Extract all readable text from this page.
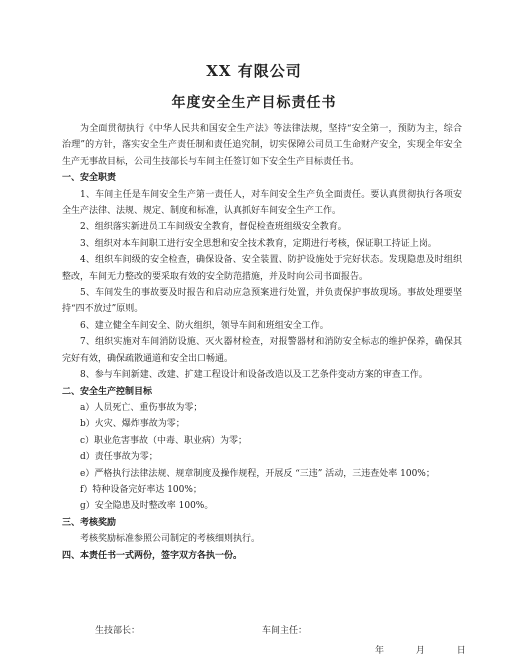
XX 有限公司
年度安全生产目标责任书

为全面贯彻执行《中华人民共和国安全生产法》等法律法规，坚持“安全第一，预防为主，综合治理”的方针，落实安全生产责任制和责任追究制，切实保障公司员工生命财产安全，实现全年安全生产无事故目标，公司生技部长与车间主任签订如下安全生产目标责任书。

一、安全职责

1、车间主任是车间安全生产第一责任人，对车间安全生产负全面责任。要认真贯彻执行各项安全生产法律、法规、规定、制度和标准，认真抓好车间安全生产工作。

2、组织落实新进员工车间级安全教育，督促检查班组级安全教育。

3、组织对本车间职工进行安全思想和安全技术教育，定期进行考核，保证职工持证上岗。

4、组织车间级的安全检查，确保设备、安全装置、防护设施处于完好状态。发现隐患及时组织整改，车间无力整改的要采取有效的安全防范措施，并及时向公司书面报告。

5、车间发生的事故要及时报告和启动应急预案进行处置，并负责保护事故现场。事故处理要坚持“四不放过”原则。

6、建立健全车间安全、防火组织，领导车间和班组安全工作。

7、组织实施对车间消防设施、灭火器材检查，对报警器材和消防安全标志的维护保养，确保其完好有效，确保疏散通道和安全出口畅通。

8、参与车间新建、改建、扩建工程设计和设备改造以及工艺条件变动方案的审查工作。

二、安全生产控制目标

a）人员死亡、重伤事故为零；

b）火灾、爆炸事故为零；

c）职业危害事故（中毒、职业病）为零；

d）责任事故为零；

e）严格执行法律法规、规章制度及操作规程，开展反 “三违” 活动，三违查处率 100%；

f）特种设备完好率达 100%；

g）安全隐患及时整改率 100%。

三、考核奖励

考核奖励标准参照公司制定的考核细则执行。

四、本责任书一式两份，签字双方各执一份。

生技部长：	车间主任：
年	月	日
